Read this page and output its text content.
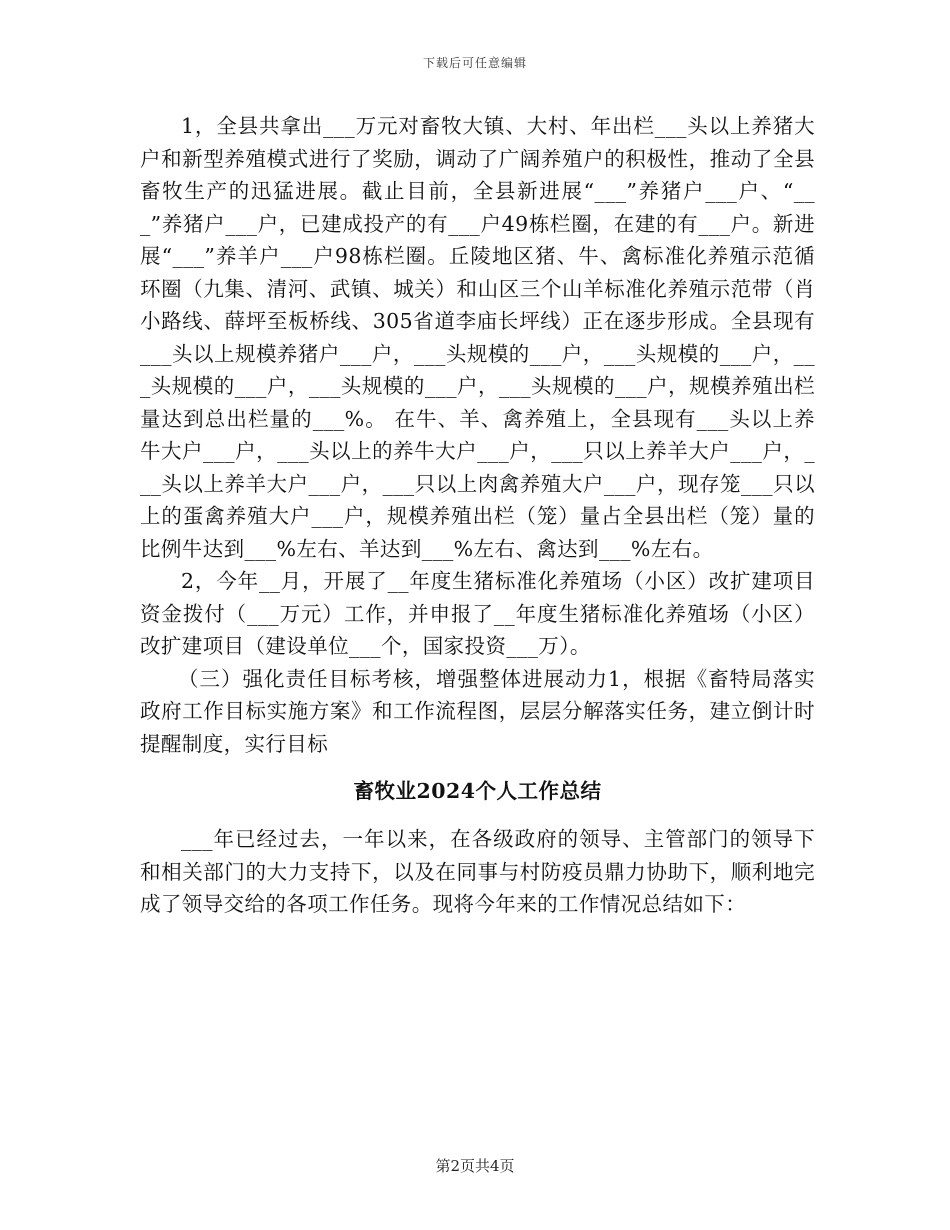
下载后可任意编辑

1，全县共拿出___万元对畜牧大镇、大村、年出栏___头以上养猪大户和新型养殖模式进行了奖励，调动了广阔养殖户的积极性，推动了全县畜牧生产的迅猛进展。截止目前，全县新进展“___”养猪户___户、“___”养猪户___户，已建成投产的有___户49栋栏圈，在建的有___户。新进展“___”养羊户___户98栋栏圈。丘陵地区猪、牛、禽标准化养殖示范循环圈（九集、清河、武镇、城关）和山区三个山羊标准化养殖示范带（肖小路线、薛坪至板桥线、305省道李庙长坪线）正在逐步形成。全县现有___头以上规模养猪户___户，___头规模的___户，___头规模的___户，___头规模的___户，___头规模的___户，___头规模的___户，规模养殖出栏量达到总出栏量的___%。 在牛、羊、禽养殖上，全县现有___头以上养牛大户___户，___头以上的养牛大户___户，___只以上养羊大户___户，___头以上养羊大户___户，___只以上肉禽养殖大户___户，现存笼___只以上的蛋禽养殖大户___户，规模养殖出栏（笼）量占全县出栏（笼）量的比例牛达到___%左右、羊达到___%左右、禽达到___%左右。

2，今年__月，开展了__年度生猪标准化养殖场（小区）改扩建项目资金拨付（___万元）工作，并申报了__年度生猪标准化养殖场（小区）改扩建项目（建设单位___个，国家投资___万）。

（三）强化责任目标考核，增强整体进展动力1，根据《畜特局落实政府工作目标实施方案》和工作流程图，层层分解落实任务，建立倒计时提醒制度，实行目标

畜牧业2024个人工作总结

___年已经过去，一年以来，在各级政府的领导、主管部门的领导下和相关部门的大力支持下，以及在同事与村防疫员鼎力协助下，顺利地完成了领导交给的各项工作任务。现将今年来的工作情况总结如下：

第2页共4页
